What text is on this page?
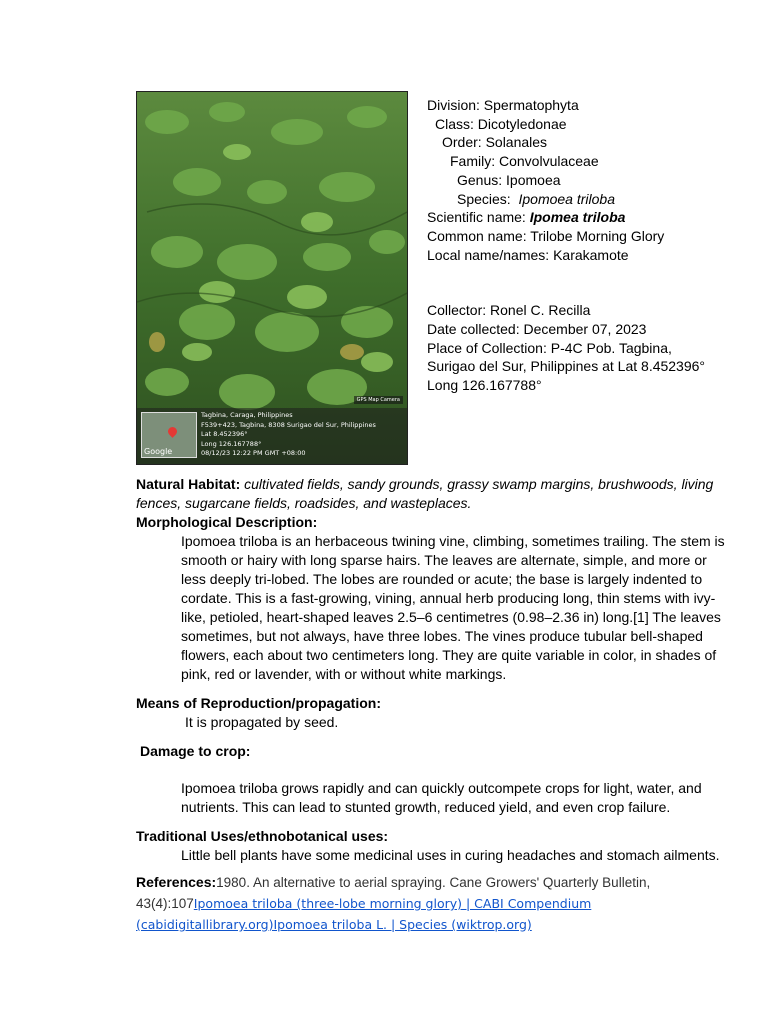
GPS Map Camera
Google
Tagbina, Caraga, Philippines
F539+423, Tagbina, 8308 Surigao del Sur, Philippines
Lat 8.452396°
Long 126.167788°
08/12/23 12:22 PM GMT +08:00
Division: Spermatophyta
Class: Dicotyledonae
Order: Solanales
Family: Convolvulaceae
Genus: Ipomoea
Species:  Ipomoea triloba
Scientific name: Ipomea triloba
Common name: Trilobe Morning Glory
Local name/names: Karakamote
Collector: Ronel C. Recilla
Date collected: December 07, 2023
Place of Collection: P-4C Pob. Tagbina,
Surigao del Sur, Philippines at Lat 8.452396°
Long 126.167788°

Natural Habitat: cultivated fields, sandy grounds, grassy swamp margins, brushwoods, living fences, sugarcane fields, roadsides, and wasteplaces.

Morphological Description:

Ipomoea triloba is an herbaceous twining vine, climbing, sometimes trailing. The stem is smooth or hairy with long sparse hairs. The leaves are alternate, simple, and more or less deeply tri-lobed. The lobes are rounded or acute; the base is largely indented to cordate. This is a fast-growing, vining, annual herb producing long, thin stems with ivy-like, petioled, heart-shaped leaves 2.5–6 centimetres (0.98–2.36 in) long.[1] The leaves sometimes, but not always, have three lobes. The vines produce tubular bell-shaped flowers, each about two centimeters long. They are quite variable in color, in shades of pink, red or lavender, with or without white markings.

Means of Reproduction/propagation:

It is propagated by seed.

Damage to crop:

Ipomoea triloba grows rapidly and can quickly outcompete crops for light, water, and nutrients. This can lead to stunted growth, reduced yield, and even crop failure.

Traditional Uses/ethnobotanical uses:

Little bell plants have some medicinal uses in curing headaches and stomach ailments.

References:1980. An alternative to aerial spraying. Cane Growers' Quarterly Bulletin, 43(4):107Ipomoea triloba (three-lobe morning glory) | CABI Compendium (cabidigitallibrary.org)Ipomoea triloba L. | Species (wiktrop.org)
